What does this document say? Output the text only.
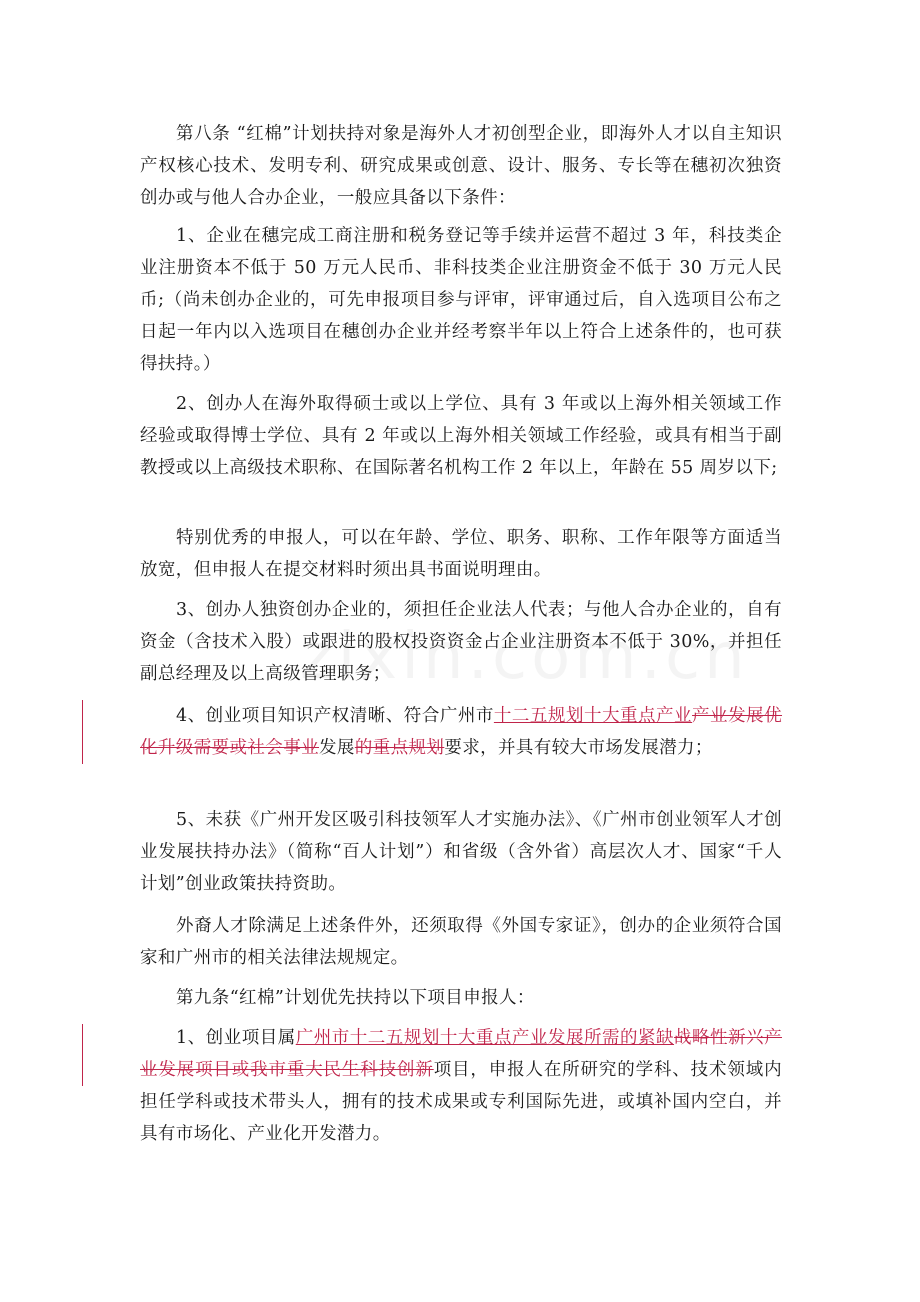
第八条 “红棉”计划扶持对象是海外人才初创型企业，即海外人才以自主知识产权核心技术、发明专利、研究成果或创意、设计、服务、专长等在穗初次独资创办或与他人合办企业，一般应具备以下条件：

1、企业在穗完成工商注册和税务登记等手续并运营不超过 3 年，科技类企业注册资本不低于 50 万元人民币、非科技类企业注册资金不低于 30 万元人民币;（尚未创办企业的，可先申报项目参与评审，评审通过后，自入选项目公布之日起一年内以入选项目在穗创办企业并经考察半年以上符合上述条件的，也可获得扶持。）

2、创办人在海外取得硕士或以上学位、具有 3 年或以上海外相关领域工作经验或取得博士学位、具有 2 年或以上海外相关领域工作经验，或具有相当于副教授或以上高级技术职称、在国际著名机构工作 2 年以上，年龄在 55 周岁以下;

特别优秀的申报人，可以在年龄、学位、职务、职称、工作年限等方面适当放宽，但申报人在提交材料时须出具书面说明理由。

3、创办人独资创办企业的，须担任企业法人代表；与他人合办企业的，自有资金（含技术入股）或跟进的股权投资资金占企业注册资本不低于 30%，并担任副总经理及以上高级管理职务；

4、创业项目知识产权清晰、符合广州市十二五规划十大重点产业产业发展优化升级需要或社会事业发展的重点规划要求，并具有较大市场发展潜力；

5、未获《广州开发区吸引科技领军人才实施办法》、《广州市创业领军人才创业发展扶持办法》（简称“百人计划”）和省级（含外省）高层次人才、国家“千人计划”创业政策扶持资助。

外裔人才除满足上述条件外，还须取得《外国专家证》，创办的企业须符合国家和广州市的相关法律法规规定。

第九条“红棉”计划优先扶持以下项目申报人：

1、创业项目属广州市十二五规划十大重点产业发展所需的紧缺战略性新兴产业发展项目或我市重大民生科技创新项目，申报人在所研究的学科、技术领域内担任学科或技术带头人，拥有的技术成果或专利国际先进，或填补国内空白，并具有市场化、产业化开发潜力。
